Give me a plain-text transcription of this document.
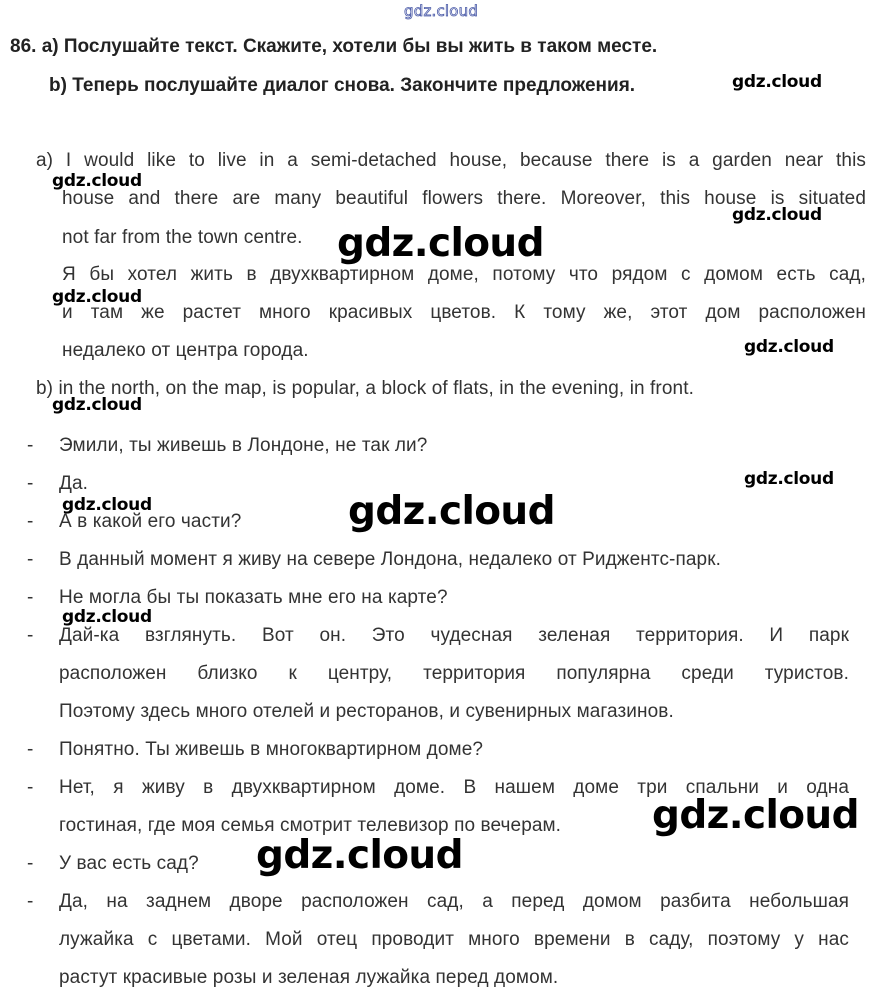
gdz.cloud
86. a) Послушайте текст. Скажите, хотели бы вы жить в таком месте.
b) Теперь послушайте диалог снова. Закончите предложения.	gdz.cloud
a) I would like to live in a semi-detached house, because there is a garden near this
gdz.cloud
house and there are many beautiful flowers there. Moreover, this house is situated
gdz.cloud
not far from the town centre. gdz.cloud
Я бы хотел жить в двухквартирном доме, потому что рядом с домом есть сад,
gdz.cloud
и там же растет много красивых цветов. К тому же, этот дом расположен
недалеко от центра города.	gdz.cloud
b) in the north, on the map, is popular, a block of flats, in the evening, in front.
gdz.cloud
- Эмили, ты живешь в Лондоне, не так ли?
- Да.	gdz.cloud
gdz.cloud
- А в какой его части?	gdz.cloud
- В данный момент я живу на севере Лондона, недалеко от Риджентс-парк.
- Не могла бы ты показать мне его на карте?
gdz.cloud
- Дай-ка взглянуть. Вот он. Это чудесная зеленая территория. И парк
расположен близко к центру, территория популярна среди туристов.
Поэтому здесь много отелей и ресторанов, и сувенирных магазинов.
- Понятно. Ты живешь в многоквартирном доме?
- Нет, я живу в двухквартирном доме. В нашем доме три спальни и одна
гостиная, где моя семья смотрит телевизор по вечерам. gdz.cloud
- У вас есть сад? gdz.cloud
- Да, на заднем дворе расположен сад, а перед домом разбита небольшая
лужайка с цветами. Мой отец проводит много времени в саду, поэтому у нас
растут красивые розы и зеленая лужайка перед домом.
